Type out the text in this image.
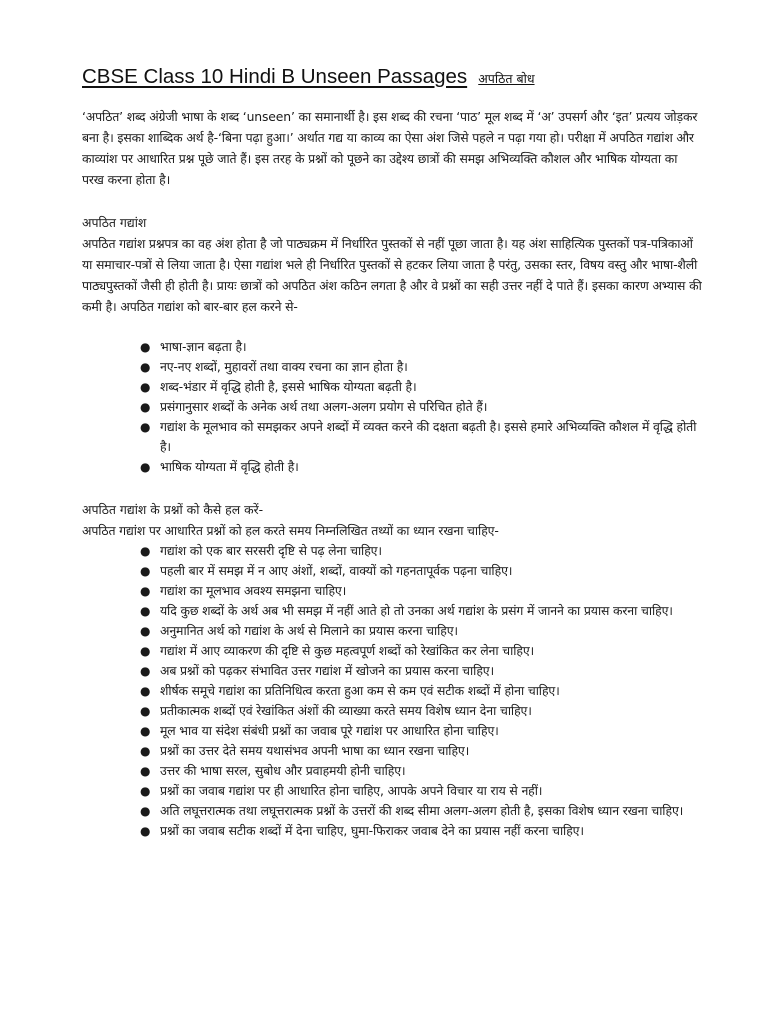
CBSE Class 10 Hindi B Unseen Passages अपठित बोध

‘अपठित’ शब्द अंग्रेजी भाषा के शब्द ‘unseen’ का समानार्थी है। इस शब्द की रचना ‘पाठ’ मूल शब्द में ‘अ’ उपसर्ग और ‘इत’ प्रत्यय जोड़कर बना है। इसका शाब्दिक अर्थ है-‘बिना पढ़ा हुआ।’ अर्थात गद्य या काव्य का ऐसा अंश जिसे पहले न पढ़ा गया हो। परीक्षा में अपठित गद्यांश और काव्यांश पर आधारित प्रश्न पूछे जाते हैं। इस तरह के प्रश्नों को पूछने का उद्देश्य छात्रों की समझ अभिव्यक्ति कौशल और भाषिक योग्यता का परख करना होता है।

अपठित गद्यांश

अपठित गद्यांश प्रश्नपत्र का वह अंश होता है जो पाठ्यक्रम में निर्धारित पुस्तकों से नहीं पूछा जाता है। यह अंश साहित्यिक पुस्तकों पत्र-पत्रिकाओं या समाचार-पत्रों से लिया जाता है। ऐसा गद्यांश भले ही निर्धारित पुस्तकों से हटकर लिया जाता है परंतु, उसका स्तर, विषय वस्तु और भाषा-शैली पाठ्यपुस्तकों जैसी ही होती है। प्रायः छात्रों को अपठित अंश कठिन लगता है और वे प्रश्नों का सही उत्तर नहीं दे पाते हैं। इसका कारण अभ्यास की कमी है। अपठित गद्यांश को बार-बार हल करने से-

● भाषा-ज्ञान बढ़ता है।
● नए-नए शब्दों, मुहावरों तथा वाक्य रचना का ज्ञान होता है।
● शब्द-भंडार में वृद्धि होती है, इससे भाषिक योग्यता बढ़ती है।
● प्रसंगानुसार शब्दों के अनेक अर्थ तथा अलग-अलग प्रयोग से परिचित होते हैं।
● गद्यांश के मूलभाव को समझकर अपने शब्दों में व्यक्त करने की दक्षता बढ़ती है। इससे हमारे अभिव्यक्ति कौशल में वृद्धि होती है।
● भाषिक योग्यता में वृद्धि होती है।

अपठित गद्यांश के प्रश्नों को कैसे हल करें-

अपठित गद्यांश पर आधारित प्रश्नों को हल करते समय निम्नलिखित तथ्यों का ध्यान रखना चाहिए-

● गद्यांश को एक बार सरसरी दृष्टि से पढ़ लेना चाहिए।
● पहली बार में समझ में न आए अंशों, शब्दों, वाक्यों को गहनतापूर्वक पढ़ना चाहिए।
● गद्यांश का मूलभाव अवश्य समझना चाहिए।
● यदि कुछ शब्दों के अर्थ अब भी समझ में नहीं आते हो तो उनका अर्थ गद्यांश के प्रसंग में जानने का प्रयास करना चाहिए।
● अनुमानित अर्थ को गद्यांश के अर्थ से मिलाने का प्रयास करना चाहिए।
● गद्यांश में आए व्याकरण की दृष्टि से कुछ महत्वपूर्ण शब्दों को रेखांकित कर लेना चाहिए।
● अब प्रश्नों को पढ़कर संभावित उत्तर गद्यांश में खोजने का प्रयास करना चाहिए।
● शीर्षक समूचे गद्यांश का प्रतिनिधित्व करता हुआ कम से कम एवं सटीक शब्दों में होना चाहिए।
● प्रतीकात्मक शब्दों एवं रेखांकित अंशों की व्याख्या करते समय विशेष ध्यान देना चाहिए।
● मूल भाव या संदेश संबंधी प्रश्नों का जवाब पूरे गद्यांश पर आधारित होना चाहिए।
● प्रश्नों का उत्तर देते समय यथासंभव अपनी भाषा का ध्यान रखना चाहिए।
● उत्तर की भाषा सरल, सुबोध और प्रवाहमयी होनी चाहिए।
● प्रश्नों का जवाब गद्यांश पर ही आधारित होना चाहिए, आपके अपने विचार या राय से नहीं।
● अति लघूत्तरात्मक तथा लघूत्तरात्मक प्रश्नों के उत्तरों की शब्द सीमा अलग-अलग होती है, इसका विशेष ध्यान रखना चाहिए।
● प्रश्नों का जवाब सटीक शब्दों में देना चाहिए, घुमा-फिराकर जवाब देने का प्रयास नहीं करना चाहिए।
